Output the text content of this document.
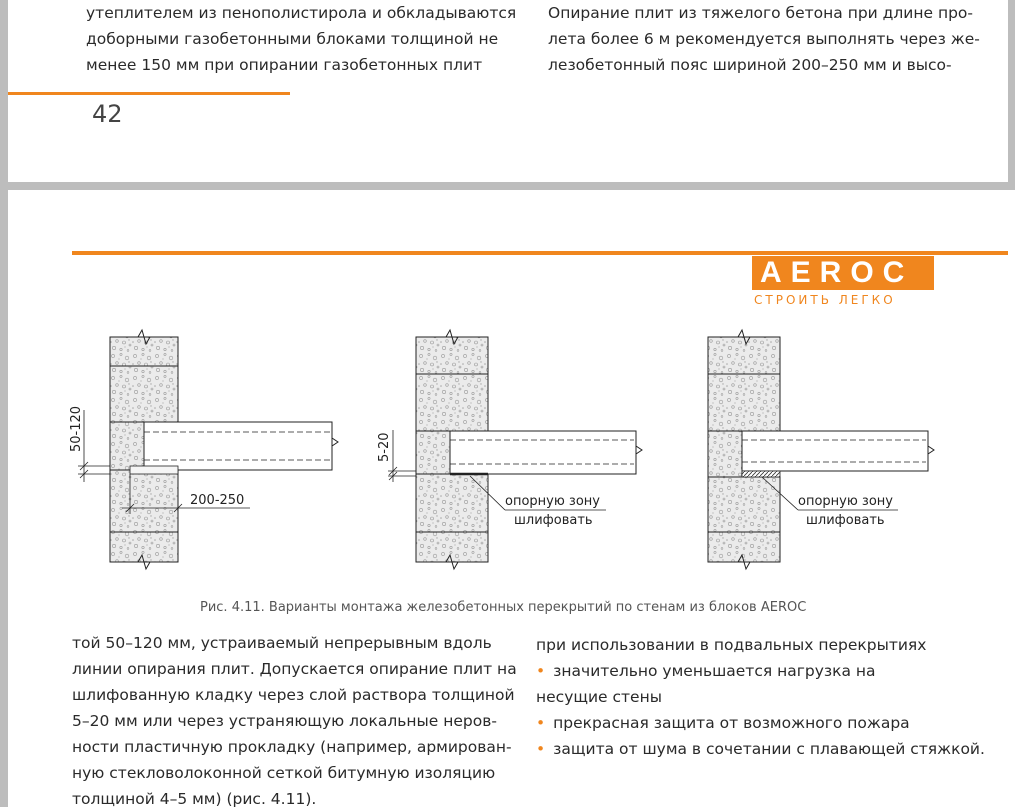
утеплителем из пенополистирола и обкладываются
доборными газобетонными блоками толщиной не
менее 150 мм при опирании газобетонных плит
Опирание плит из тяжелого бетона при длине про-
лета более 6 м рекомендуется выполнять через же-
лезобетонный пояс шириной 200–250 мм и высо-
42
AEROC
СТРОИТЬ ЛЕГКО
50-120
200-250
5-20
опорную зону
шлифовать
опорную зону
шлифовать
Рис. 4.11. Варианты монтажа железобетонных перекрытий по стенам из блоков AEROC
той 50–120 мм, устраиваемый непрерывным вдоль
линии опирания плит. Допускается опирание плит на
шлифованную кладку через слой раствора толщиной
5–20 мм или через устраняющую локальные неров-
ности пластичную прокладку (например, армирован-
ную стекловолоконной сеткой битумную изоляцию
толщиной 4–5 мм) (рис. 4.11).
при использовании в подвальных перекрытиях
• значительно уменьшается нагрузка на
несущие стены
• прекрасная защита от возможного пожара
• защита от шума в сочетании с плавающей стяжкой.
